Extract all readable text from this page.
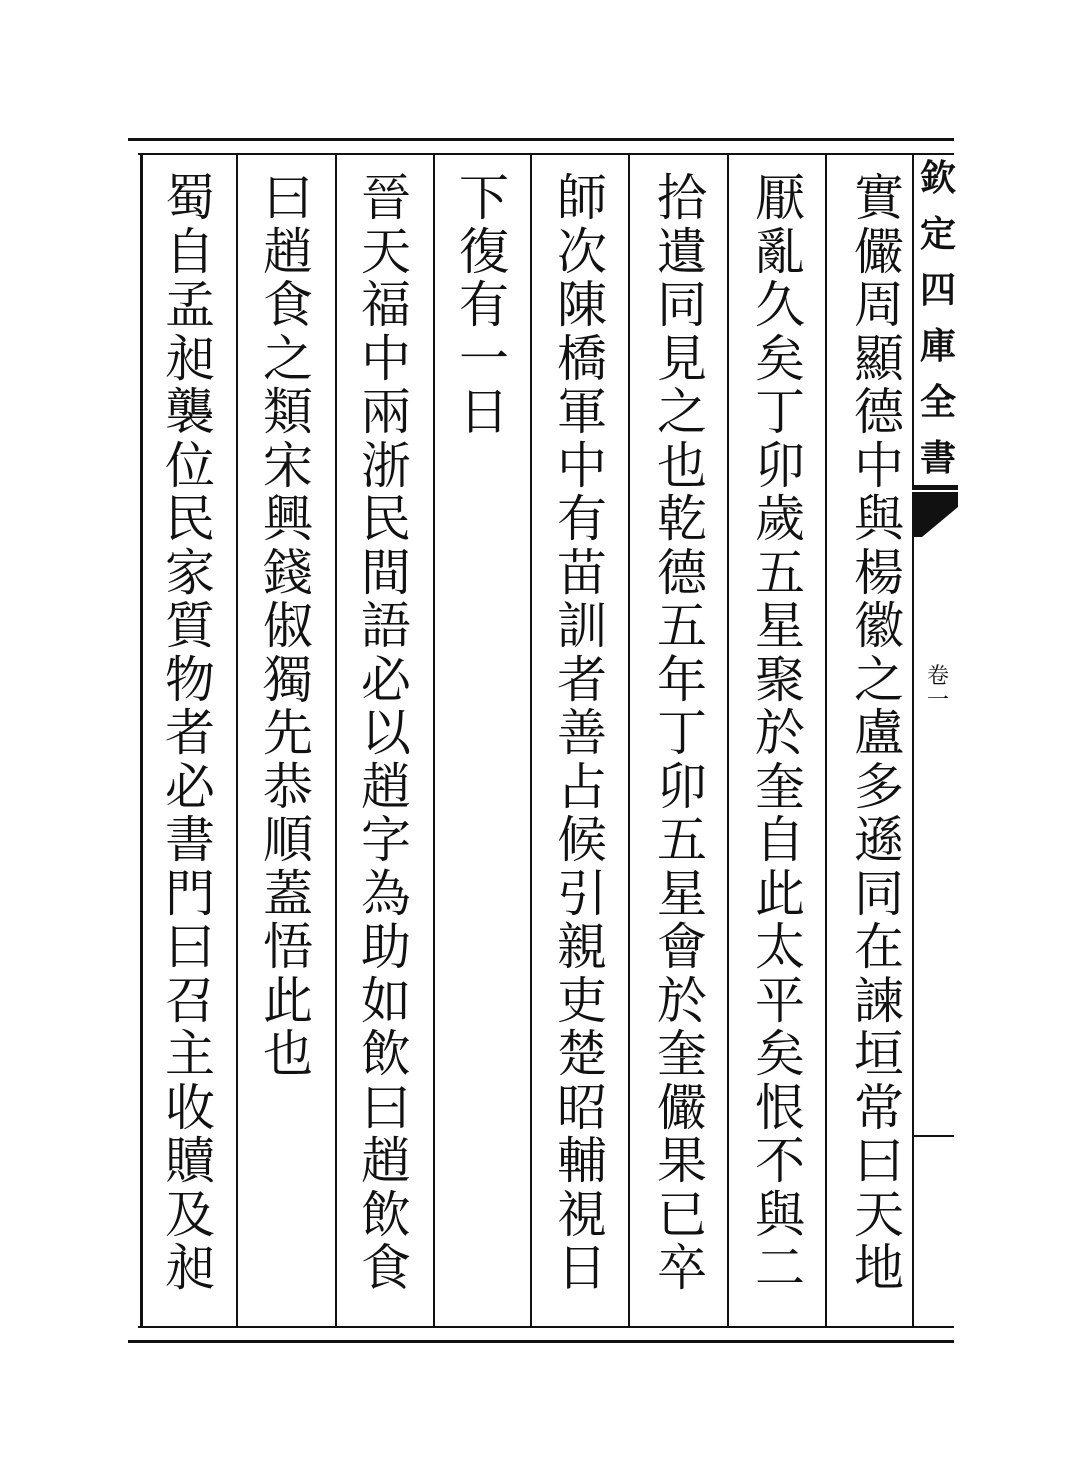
欽
定
四
庫
全
書
卷
一
實
儼
周
顯
德
中
與
楊
徽
之
盧
多
遜
同
在
諫
垣
常
曰
天
地
厭
亂
久
矣
丁
卯
歲
五
星
聚
於
奎
自
此
太
平
矣
恨
不
與
二
拾
遺
同
見
之
也
乾
德
五
年
丁
卯
五
星
會
於
奎
儼
果
已
卒
師
次
陳
橋
軍
中
有
苗
訓
者
善
占
候
引
親
吏
楚
昭
輔
視
日
下
復
有
一
日
晉
天
福
中
兩
浙
民
間
語
必
以
趙
字
為
助
如
飲
曰
趙
飲
食
曰
趙
食
之
類
宋
興
錢
俶
獨
先
恭
順
蓋
悟
此
也
蜀
自
孟
昶
襲
位
民
家
質
物
者
必
書
門
曰
召
主
收
贖
及
昶
